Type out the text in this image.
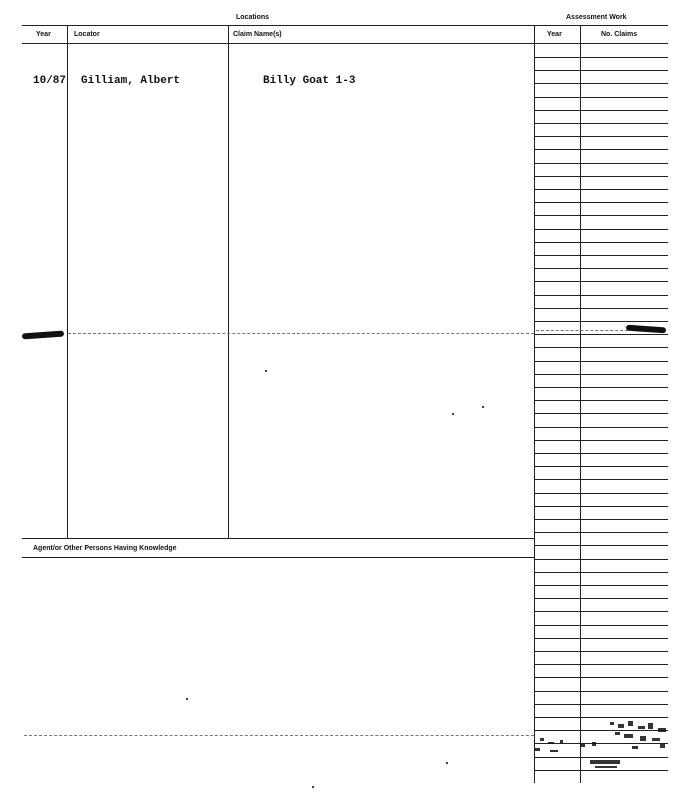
Locations	Assessment Work
Year	Locator	Claim Name(s)	Year	No. Claims
10/87 Gilliam, Albert	Billy Goat 1-3
Agent/or Other Persons Having Knowledge
